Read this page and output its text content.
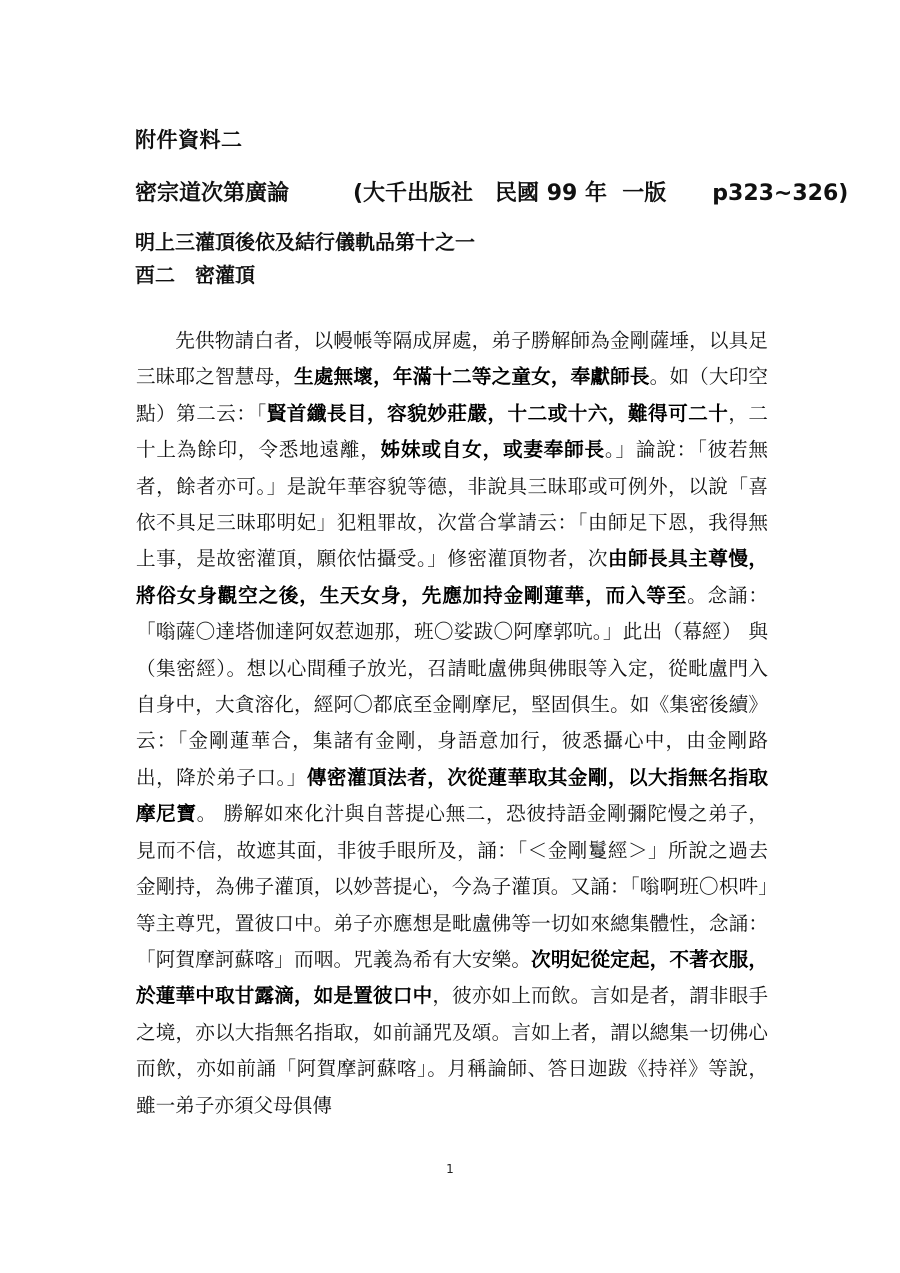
附件資料二
密宗道次第廣論	(大千出版社　民國 99 年  一版      p323~326)
明上三灌頂後依及結行儀軌品第十之一
酉二　密灌頂

先供物請白者，以幔帳等隔成屏處，弟子勝解師為金剛薩埵，以具足三昧耶之智慧母，生處無壞，年滿十二等之童女，奉獻師長。如（大印空點）第二云：「賢首纖長目，容貌妙莊嚴，十二或十六，難得可二十，二十上為餘印，令悉地遠離，姊妹或自女，或妻奉師長。」論說：「彼若無者，餘者亦可。」是說年華容貌等德，非說具三昧耶或可例外，以說「喜依不具足三昧耶明妃」犯粗罪故，次當合掌請云：「由師足下恩，我得無上事，是故密灌頂，願依怙攝受。」修密灌頂物者，次由師長具主尊慢，將俗女身觀空之後，生天女身，先應加持金剛蓮華，而入等至。念誦：「嗡薩〇達塔伽達阿奴惹迦那，班〇娑跋〇阿摩郭吭。」此出（幕經） 與（集密經）。想以心間種子放光，召請毗盧佛與佛眼等入定，從毗盧門入自身中，大貪溶化，經阿〇都底至金剛摩尼，堅固俱生。如《集密後續》云：「金剛蓮華合，集諸有金剛，身語意加行，彼悉攝心中，由金剛路出，降於弟子口。」傳密灌頂法者，次從蓮華取其金剛，以大指無名指取摩尼寶。 勝解如來化汁與自菩提心無二，恐彼持語金剛彌陀慢之弟子，見而不信，故遮其面，非彼手眼所及，誦：「＜金剛鬘經＞」所說之過去金剛持，為佛子灌頂，以妙菩提心，今為子灌頂。又誦：「嗡啊班〇枳吽」等主尊咒，置彼口中。弟子亦應想是毗盧佛等一切如來總集體性，念誦：「阿賀摩訶蘇喀」而咽。咒義為希有大安樂。次明妃從定起，不著衣服，於蓮華中取甘露滴，如是置彼口中，彼亦如上而飲。言如是者，謂非眼手之境，亦以大指無名指取，如前誦咒及頌。言如上者，謂以總集一切佛心而飲，亦如前誦「阿賀摩訶蘇喀」。月稱論師、答日迦跋《持祥》等說，雖一弟子亦須父母俱傳

1
